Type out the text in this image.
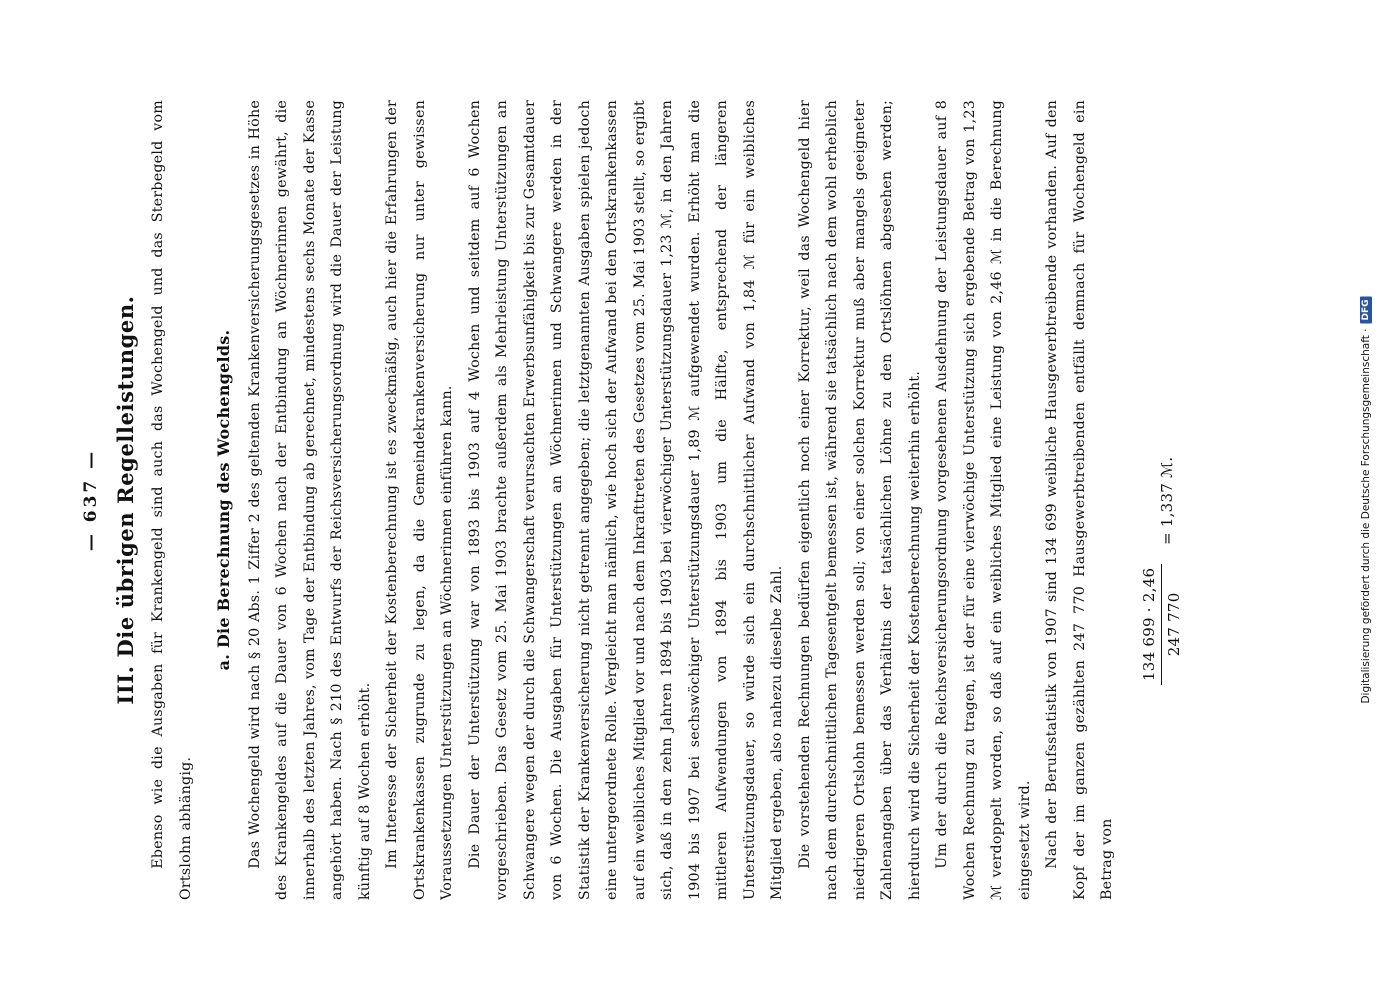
— 637 — III. Die übrigen Regelleistungen. Ebenso wie die Ausgaben für Krankengeld sind auch das Wochengeld und das Sterbegeld vom Ortslohn abhängig.

a. Die Berechnung des Wochengelds. Das Wochengeld wird nach § 20 Abs. 1 Ziffer 2 des geltenden Krankenversicherungsgesetzes in Höhe des Krankengeldes auf die Dauer von 6 Wochen nach der Entbindung an Wöchnerinnen gewährt, die innerhalb des letzten Jahres, vom Tage der Entbindung ab gerechnet, mindestens sechs Monate der Kasse angehört haben. Nach § 210 des Entwurfs der Reichsversicherungsordnung wird die Dauer der Leistung künftig auf 8 Wochen erhöht. Im Interesse der Sicherheit der Kostenberechnung ist es zweckmäßig, auch hier die Erfahrungen der Ortskrankenkassen zugrunde zu legen, da die Gemeindekrankenversicherung nur unter gewissen Voraussetzungen Unterstützungen an Wöchnerinnen einführen kann. Die Dauer der Unterstützung war von 1893 bis 1903 auf 4 Wochen und seitdem auf 6 Wochen vorgeschrieben. Das Gesetz vom 25. Mai 1903 brachte außerdem als Mehrleistung Unterstützungen an Schwangere wegen der durch die Schwangerschaft verursachten Erwerbsunfähigkeit bis zur Gesamtdauer von 6 Wochen. Die Ausgaben für Unterstützungen an Wöchnerinnen und Schwangere werden in der Statistik der Krankenversicherung nicht getrennt angegeben; die letztgenannten Ausgaben spielen jedoch eine untergeordnete Rolle. Vergleicht man nämlich, wie hoch sich der Aufwand bei den Ortskrankenkassen auf ein weibliches Mitglied vor und nach dem Inkrafttreten des Gesetzes vom 25. Mai 1903 stellt, so ergibt sich, daß in den zehn Jahren 1894 bis 1903 bei vierwöchiger Unterstützungsdauer 1,23 ℳ, in den Jahren 1904 bis 1907 bei sechswöchiger Unterstützungsdauer 1,89 ℳ aufgewendet wurden. Erhöht man die mittleren Aufwendungen von 1894 bis 1903 um die Hälfte, entsprechend der längeren Unterstützungsdauer, so würde sich ein durchschnittlicher Aufwand von 1,84 ℳ für ein weibliches Mitglied ergeben, also nahezu dieselbe Zahl. Die vorstehenden Rechnungen bedürfen eigentlich noch einer Korrektur, weil das Wochengeld hier nach dem durchschnittlichen Tagesentgelt bemessen ist, während sie tatsächlich nach dem wohl erheblich niedrigeren Ortslohn bemessen werden soll; von einer solchen Korrektur muß aber mangels geeigneter Zahlenangaben über das Verhältnis der tatsächlichen Löhne zu den Ortslöhnen abgesehen werden; hierdurch wird die Sicherheit der Kostenberechnung weiterhin erhöht. Um der durch die Reichsversicherungsordnung vorgesehenen Ausdehnung der Leistungsdauer auf 8 Wochen Rechnung zu tragen, ist der für eine vierwöchige Unterstützung sich ergebende Betrag von 1,23 ℳ verdoppelt worden, so daß auf ein weibliches Mitglied eine Leistung von 2,46 ℳ in die Berechnung eingesetzt wird. Nach der Berufsstatistik von 1907 sind 134 699 weibliche Hausgewerbtreibende vorhanden. Auf den Kopf der im ganzen gezählten 247 770 Hausgewerbtreibenden entfällt demnach für Wochengeld ein Betrag von

134 699 · 2,46 247 770
= 1,337 ℳ.	Digitalisierung gefördert durch die Deutsche Forschungsgemeinschaft ·
DFG
